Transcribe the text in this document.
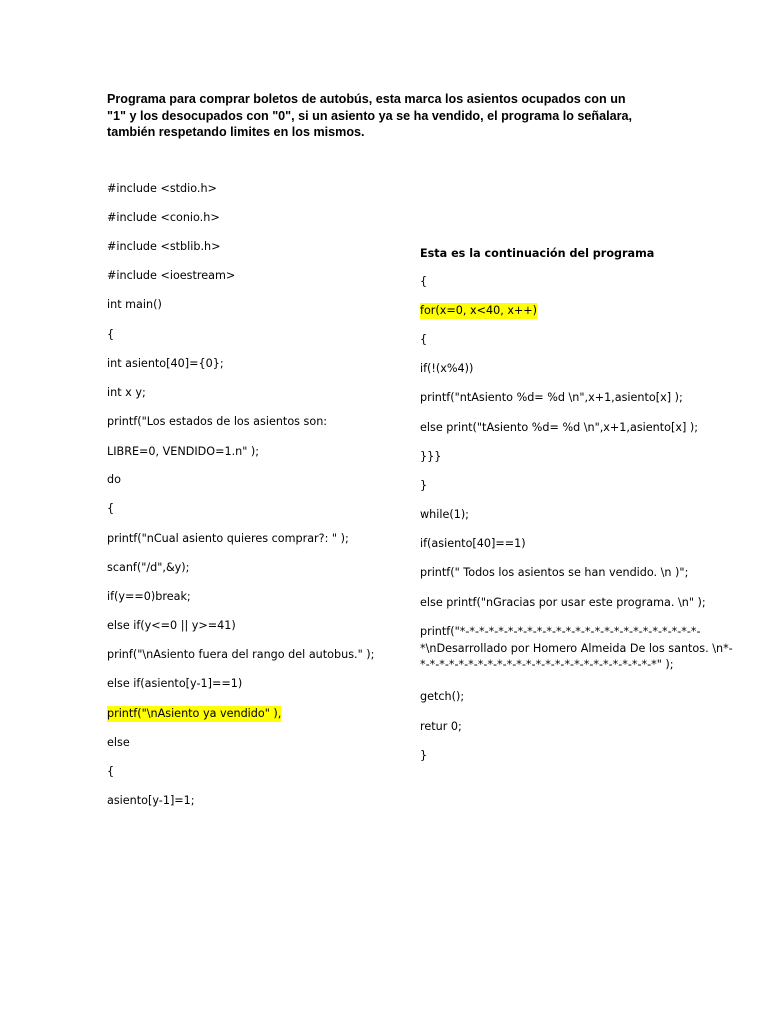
Programa para comprar boletos de autobús, esta marca los asientos ocupados con un
"1" y los desocupados con "0", si un asiento ya se ha vendido, el programa lo señalara,
también respetando limites en los mismos.

#include <stdio.h>
#include <conio.h>
#include <stblib.h>
#include <ioestream>
int main()
{
int asiento[40]={0};
int x y;
printf("Los estados de los asientos son:
LIBRE=0, VENDIDO=1.n" );
do
{
printf("nCual asiento quieres comprar?: " );
scanf("/d",&y);
if(y==0)break;
else if(y<=0 || y>=41)
prinf("\nAsiento fuera del rango del autobus." );
else if(asiento[y-1]==1)
printf("\nAsiento ya vendido" ),
else
{
asiento[y-1]=1;
Esta es la continuación del programa
{
for(x=0, x<40, x++)
{
if(!(x%4))
printf("ntAsiento %d= %d \n",x+1,asiento[x] );
else print("tAsiento %d= %d \n",x+1,asiento[x] );
}}}
}
while(1);
if(asiento[40]==1)
printf(" Todos los asientos se han vendido. \n )";
else printf("nGracias por usar este programa. \n" );
getch();
retur 0;
}

printf("*-*-*-*-*-*-*-*-*-*-*-*-*-*-*-*-*-*-*-*-*-*-*-*-*-
*\nDesarrollado por Homero Almeida De los santos. \n*-
*-*-*-*-*-*-*-*-*-*-*-*-*-*-*-*-*-*-*-*-*-*-*-*-*" );
